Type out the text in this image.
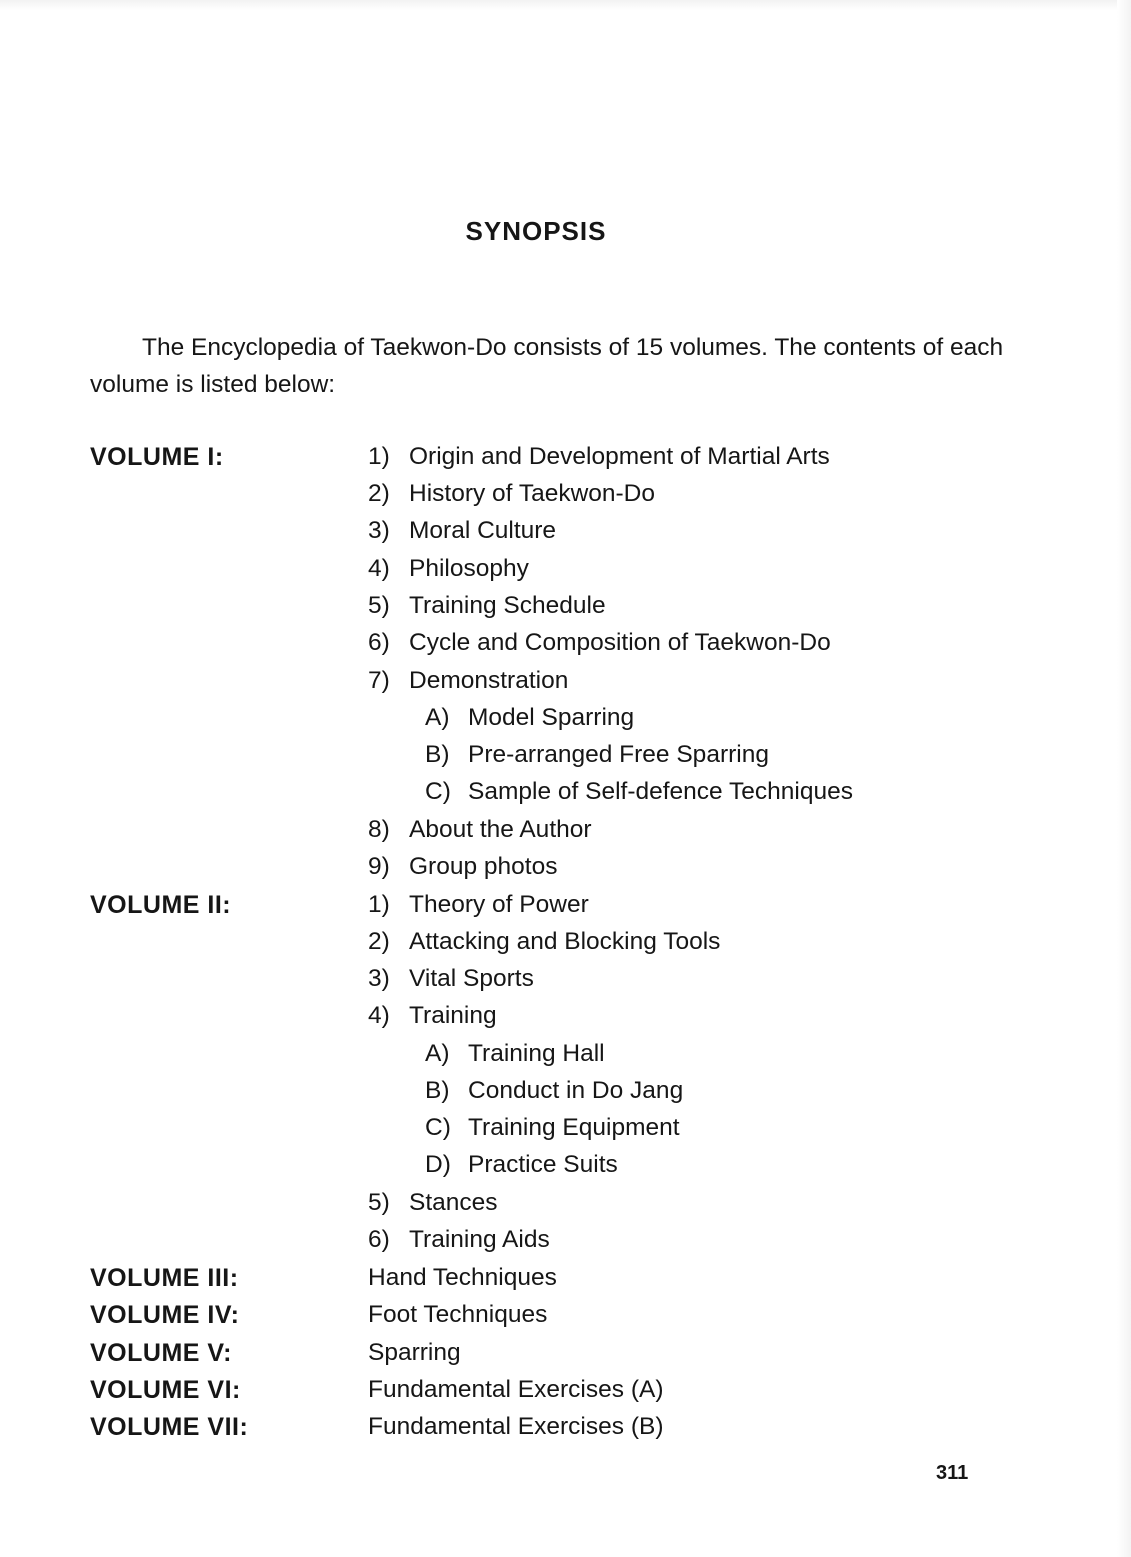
SYNOPSIS

The Encyclopedia of Taekwon-Do consists of 15 volumes. The contents of each volume is listed below:

VOLUME I:	1) Origin and Development of Martial Arts
2) History of Taekwon-Do
3) Moral Culture
4) Philosophy
5) Training Schedule
6) Cycle and Composition of Taekwon-Do
7) Demonstration
A) Model Sparring
B) Pre-arranged Free Sparring
C) Sample of Self-defence Techniques
8) About the Author
9) Group photos
VOLUME II:	1) Theory of Power
2) Attacking and Blocking Tools
3) Vital Sports
4) Training
A) Training Hall
B) Conduct in Do Jang
C) Training Equipment
D) Practice Suits
5) Stances
6) Training Aids
VOLUME III:	Hand Techniques
VOLUME IV:	Foot Techniques
VOLUME V:	Sparring
VOLUME VI:	Fundamental Exercises (A)
VOLUME VII:	Fundamental Exercises (B)
311
